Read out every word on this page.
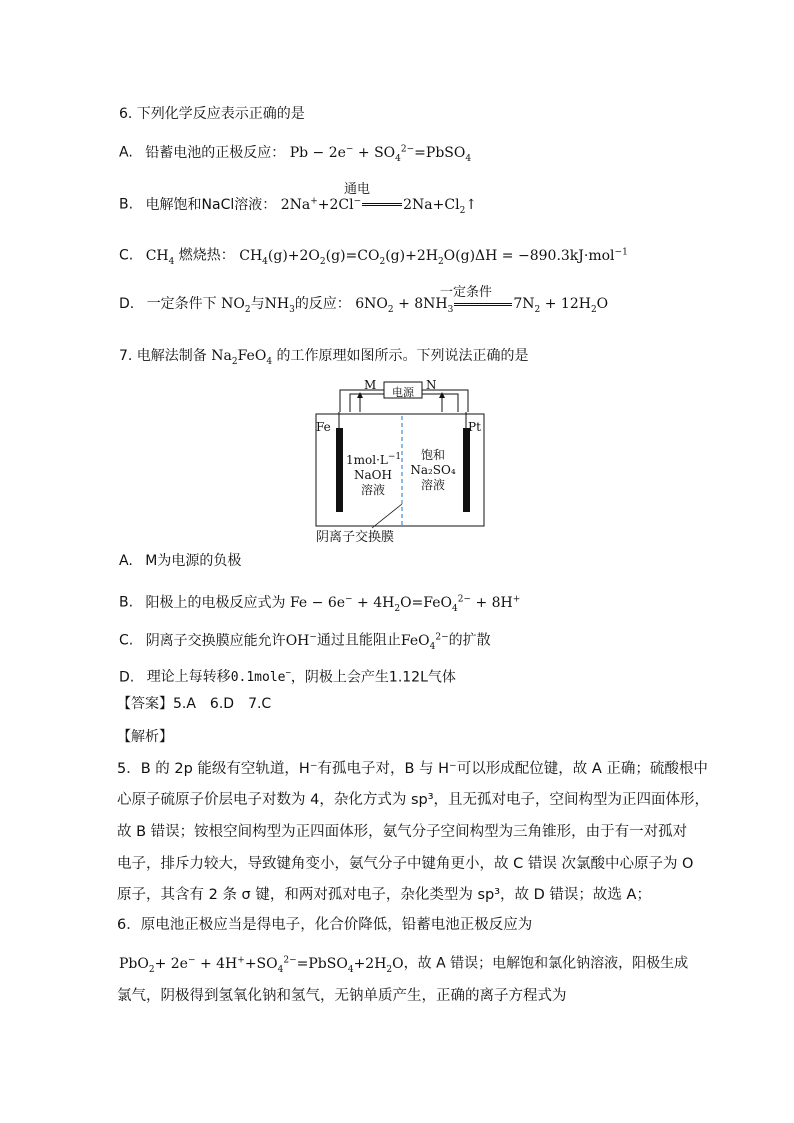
6. 下列化学反应表示正确的是
A. 铅蓄电池的正极反应： $Pb - 2e^- + SO_4^{2-}=PbSO_4$
B. 电解饱和NaCl溶液： 2Na++2Cl−	$2Na+Cl_2↑$
通电
C. $CH_4$ 燃烧热： $CH_4(g)+2O_2(g)=CO_2(g)+2H_2O(g)\Delta H = -890.3kJ\cdot mol^{-1}$
D. 一定条件下 $NO_2$与$NH_3$的反应： $6NO_2 + 8NH_3$	$7N_2 + 12H_2O$
一定条件
7. 电解法制备 $Na_2FeO_4$ 的工作原理如图所示。下列说法正确的是
电源
M	N
Fe	Pt
$1mol\cdot L^{-1}$
NaOH
溶液
饱和
Na₂SO₄
溶液
阴离子交换膜
A. M为电源的负极
B. 阳极上的电极反应式为 $Fe - 6e^- + 4H_2O=FeO_4^{2-} + 8H^+$
C. 阴离子交换膜应能允许OH−通过且能阻止FeO$_4^{2-}$的扩散
D. 理论上每转移0.1mole−，阴极上会产生1.12L气体
【答案】5.A　6.D　7.C
【解析】
5．B 的 2p 能级有空轨道，H⁻有孤电子对，B 与 H⁻可以形成配位键，故 A 正确；硫酸根中
心原子硫原子价层电子对数为 4，杂化方式为 sp³，且无孤对电子，空间构型为正四面体形，
故 B 错误；铵根空间构型为正四面体形，氨气分子空间构型为三角锥形，由于有一对孤对
电子，排斥力较大，导致键角变小，氨气分子中键角更小，故 C 错误 次氯酸中心原子为 O
原子，其含有 2 条 σ 键，和两对孤对电子，杂化类型为 sp³，故 D 错误；故选 A；
6．原电池正极应当是得电子，化合价降低，铅蓄电池正极反应为
$PbO_2+ 2e^- + 4H^++SO_4^{2-}=PbSO_4+2H_2O$，故 A 错误；电解饱和氯化钠溶液，阳极生成
氯气，阴极得到氢氧化钠和氢气，无钠单质产生，正确的离子方程式为
